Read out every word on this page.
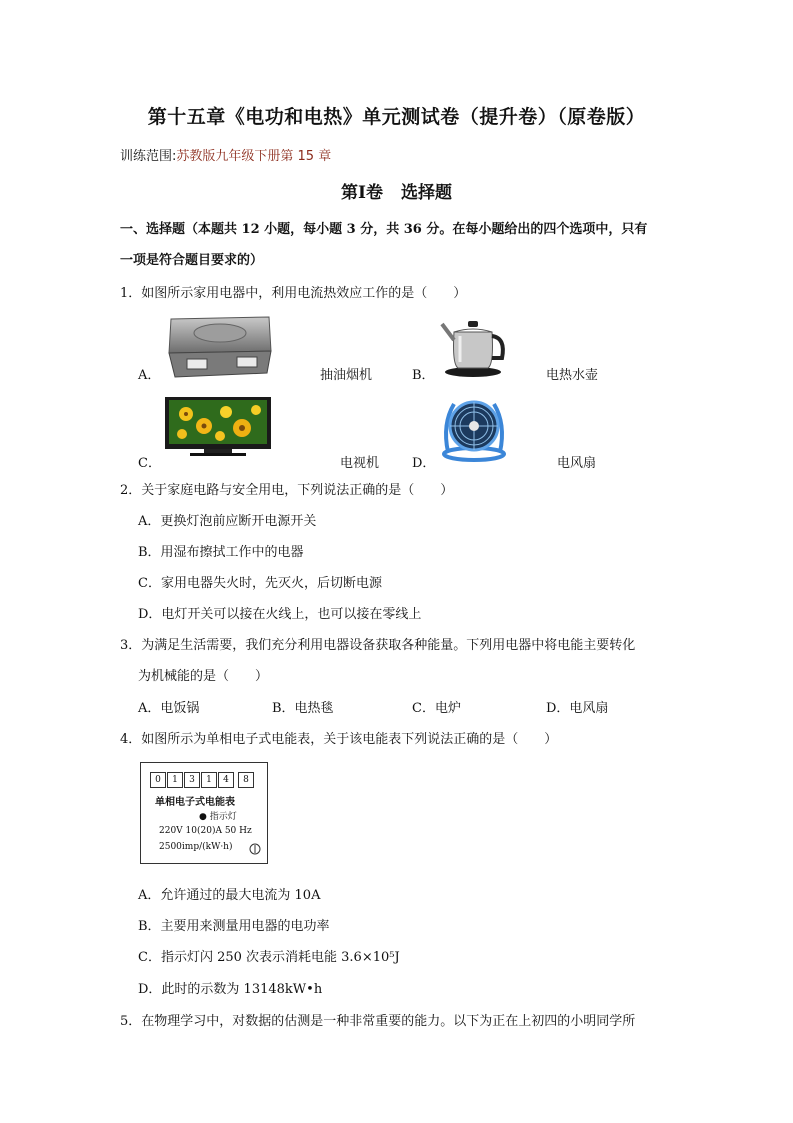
第十五章《电功和电热》单元测试卷（提升卷）（原卷版）
训练范围:苏教版九年级下册第 15 章
第Ⅰ卷 选择题
一、选择题（本题共 12 小题，每小题 3 分，共 36 分。在每小题给出的四个选项中，只有
一项是符合题目要求的）
1．如图所示家用电器中，利用电流热效应工作的是（　　）
A．	抽油烟机	B．	电热水壶
C．	电视机	D．	电风扇
2．关于家庭电路与安全用电，下列说法正确的是（　　）
A．更换灯泡前应断开电源开关
B．用湿布擦拭工作中的电器
C．家用电器失火时，先灭火，后切断电源
D．电灯开关可以接在火线上，也可以接在零线上
3．为满足生活需要，我们充分利用电器设备获取各种能量。下列用电器中将电能主要转化
为机械能的是（　　）
A．电饭锅	B．电热毯	C．电炉	D．电风扇
4．如图所示为单相电子式电能表，关于该电能表下列说法正确的是（　　）
0	1	3	1	4	8
单相电子式电能表
● 指示灯
220V 10(20)A 50 Hz
2500imp/(kW·h)
A．允许通过的最大电流为 10A
B．主要用来测量用电器的电功率
C．指示灯闪 250 次表示消耗电能 3.6×10⁵J
D．此时的示数为 13148kW•h
5．在物理学习中，对数据的估测是一种非常重要的能力。以下为正在上初四的小明同学所
